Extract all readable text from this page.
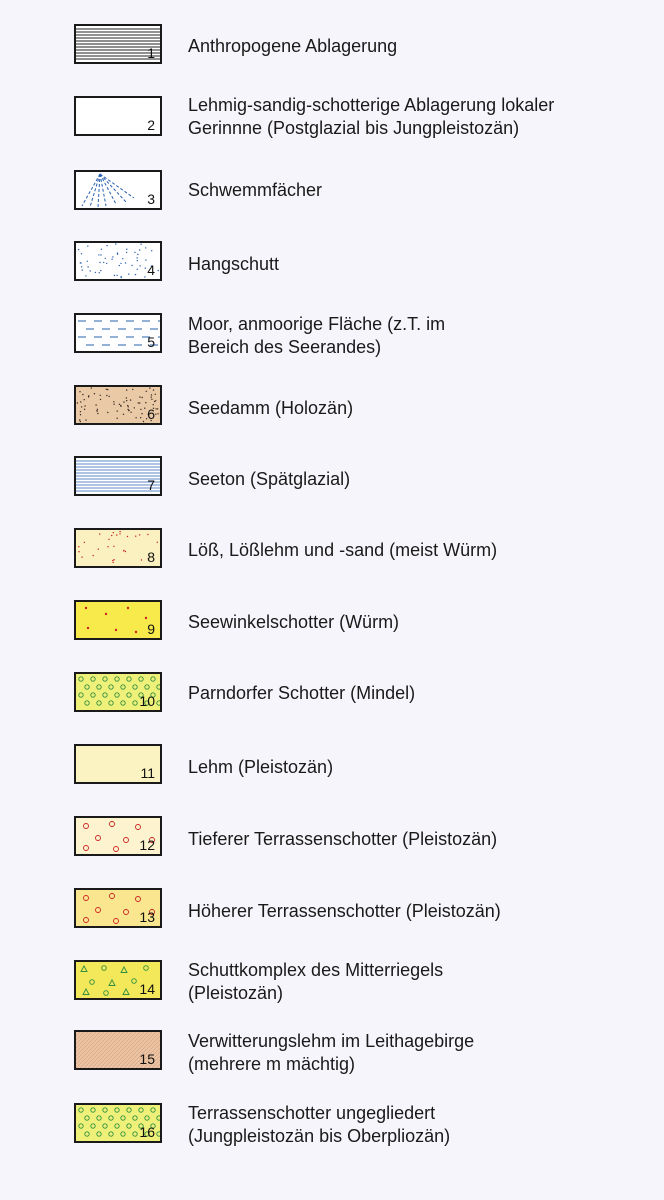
1 Anthropogene Ablagerung
2
Lehmig-sandig-schotterige Ablagerung lokaler
Gerinnne (Postglazial bis Jungpleistozän)
3 Schwemmfächer
4 Hangschutt
5
Moor, anmoorige Fläche (z.T. im
Bereich des Seerandes)
6 Seedamm (Holozän)
7 Seeton (Spätglazial)
8 Löß, Lößlehm und -sand (meist Würm)
9 Seewinkelschotter (Würm)
10 Parndorfer Schotter (Mindel)
11 Lehm (Pleistozän)
12 Tieferer Terrassenschotter (Pleistozän)
13 Höherer Terrassenschotter (Pleistozän)
14
Schuttkomplex des Mitterriegels
(Pleistozän)
15
Verwitterungslehm im Leithagebirge
(mehrere m mächtig)
16
Terrassenschotter ungegliedert
(Jungpleistozän bis Oberpliozän)
